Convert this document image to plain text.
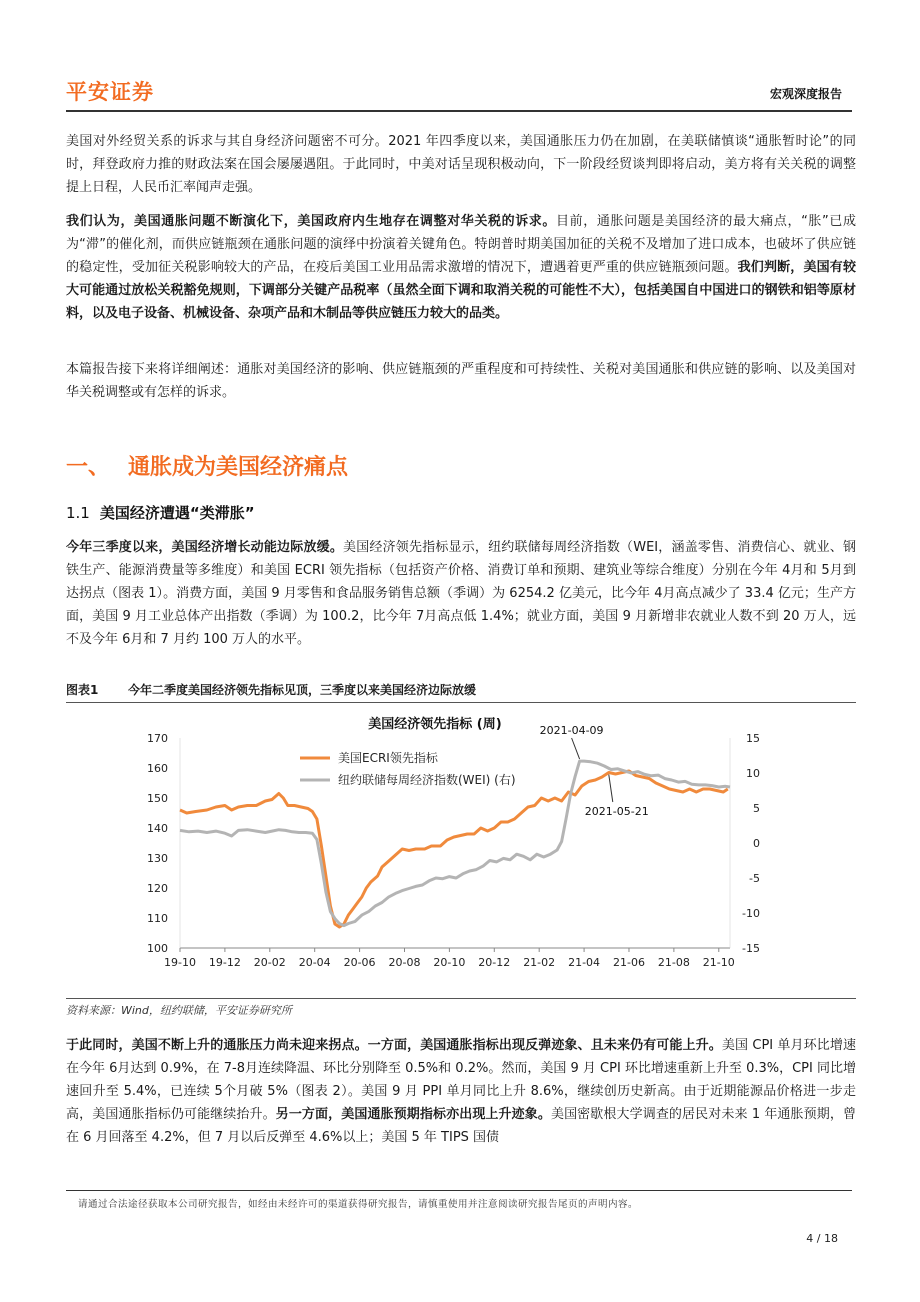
平安证券	宏观深度报告

美国对外经贸关系的诉求与其自身经济问题密不可分。2021 年四季度以来，美国通胀压力仍在加剧，在美联储慎谈“通胀暂时论”的同时，拜登政府力推的财政法案在国会屡屡遇阻。于此同时，中美对话呈现积极动向，下一阶段经贸谈判即将启动，美方将有关关税的调整提上日程，人民币汇率闻声走强。

我们认为，美国通胀问题不断演化下，美国政府内生地存在调整对华关税的诉求。目前，通胀问题是美国经济的最大痛点，“胀”已成为“滞”的催化剂，而供应链瓶颈在通胀问题的演绎中扮演着关键角色。特朗普时期美国加征的关税不及增加了进口成本，也破坏了供应链的稳定性，受加征关税影响较大的产品，在疫后美国工业用品需求激增的情况下，遭遇着更严重的供应链瓶颈问题。我们判断，美国有较大可能通过放松关税豁免规则，下调部分关键产品税率（虽然全面下调和取消关税的可能性不大），包括美国自中国进口的钢铁和铝等原材料，以及电子设备、机械设备、杂项产品和木制品等供应链压力较大的品类。

本篇报告接下来将详细阐述：通胀对美国经济的影响、供应链瓶颈的严重程度和可持续性、关税对美国通胀和供应链的影响、以及美国对华关税调整或有怎样的诉求。

一、 通胀成为美国经济痛点
1.1 美国经济遭遇“类滞胀”

今年三季度以来，美国经济增长动能边际放缓。美国经济领先指标显示，纽约联储每周经济指数（WEI，涵盖零售、消费信心、就业、钢铁生产、能源消费量等多维度）和美国 ECRI 领先指标（包括资产价格、消费订单和预期、建筑业等综合维度）分别在今年 4月和 5月到达拐点（图表 1）。消费方面，美国 9 月零售和食品服务销售总额（季调）为 6254.2 亿美元，比今年 4月高点减少了 33.4 亿元；生产方面，美国 9 月工业总体产出指数（季调）为 100.2，比今年 7月高点低 1.4%；就业方面，美国 9 月新增非农就业人数不到 20 万人，远不及今年 6月和 7 月约 100 万人的水平。

图表1 今年二季度美国经济领先指标见顶，三季度以来美国经济边际放缓
美国经济领先指标 (周)
100
110
120
130
140
150
160
170
-15
-10
-5
0
5
10
15
19-10 19-12 20-02 20-04 20-06 20-08 20-10 20-12 21-02 21-04 21-06 21-08 21-10
美国ECRI领先指标
纽约联储每周经济指数(WEI) (右)
2021-04-09
2021-05-21
资料来源：Wind，纽约联储，平安证券研究所

于此同时，美国不断上升的通胀压力尚未迎来拐点。一方面，美国通胀指标出现反弹迹象、且未来仍有可能上升。美国 CPI 单月环比增速在今年 6月达到 0.9%，在 7-8月连续降温、环比分别降至 0.5%和 0.2%。然而，美国 9 月 CPI 环比增速重新上升至 0.3%，CPI 同比增速回升至 5.4%，已连续 5个月破 5%（图表 2）。美国 9 月 PPI 单月同比上升 8.6%，继续创历史新高。由于近期能源品价格进一步走高，美国通胀指标仍可能继续抬升。另一方面，美国通胀预期指标亦出现上升迹象。美国密歇根大学调查的居民对未来 1 年通胀预期，曾在 6 月回落至 4.2%，但 7 月以后反弹至 4.6%以上；美国 5 年 TIPS 国债

请通过合法途径获取本公司研究报告，如经由未经许可的渠道获得研究报告，请慎重使用并注意阅读研究报告尾页的声明内容。
4 / 18
